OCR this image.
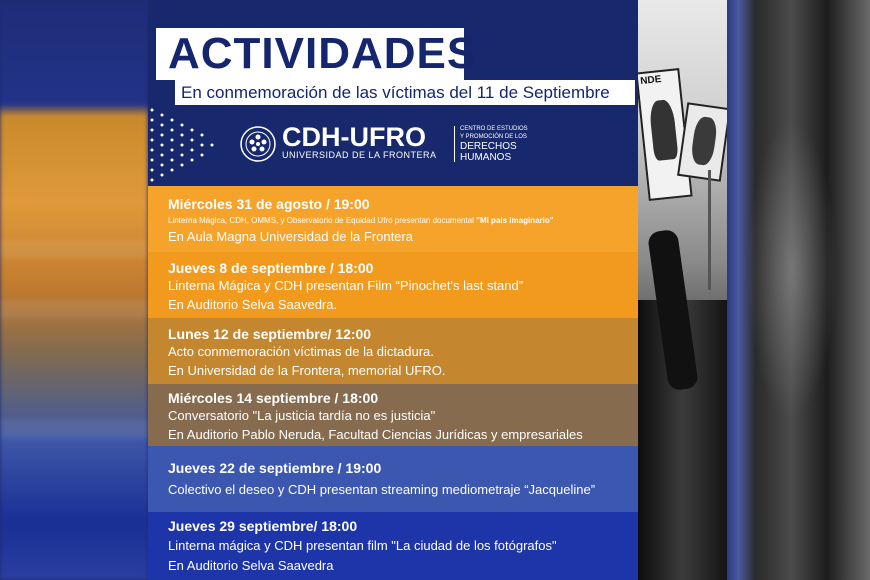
ACTIVIDADES
En conmemoración de las víctimas del 11 de Septiembre
CDH-UFRO
UNIVERSIDAD DE LA FRONTERA
CENTRO DE ESTUDIOS
Y PROMOCIÓN DE LOS
DERECHOS
HUMANOS
Miércoles 31 de agosto / 19:00
Linterna Mágica, CDH, OMMS, y Observatorio de Equidad Ufro presentan documental "Mi país imaginario"
En Aula Magna Universidad de la Frontera
Jueves 8 de septiembre / 18:00
Linterna Mágica y CDH presentan Film “Pinochet's last stand”
En Auditorio Selva Saavedra.
Lunes 12 de septiembre/ 12:00
Acto conmemoración víctimas de la dictadura.
En Universidad de la Frontera, memorial UFRO.
Miércoles 14 septiembre / 18:00
Conversatorio "La justicia tardía no es justicia"
En Auditorio Pablo Neruda, Facultad Ciencias Jurídicas y empresariales
Jueves 22 de septiembre / 19:00
Colectivo el deseo y CDH presentan streaming mediometraje “Jacqueline”
Jueves 29 septiembre/ 18:00
Linterna mágica y CDH presentan film "La ciudad de los fotógrafos"
En Auditorio Selva Saavedra
NDE
